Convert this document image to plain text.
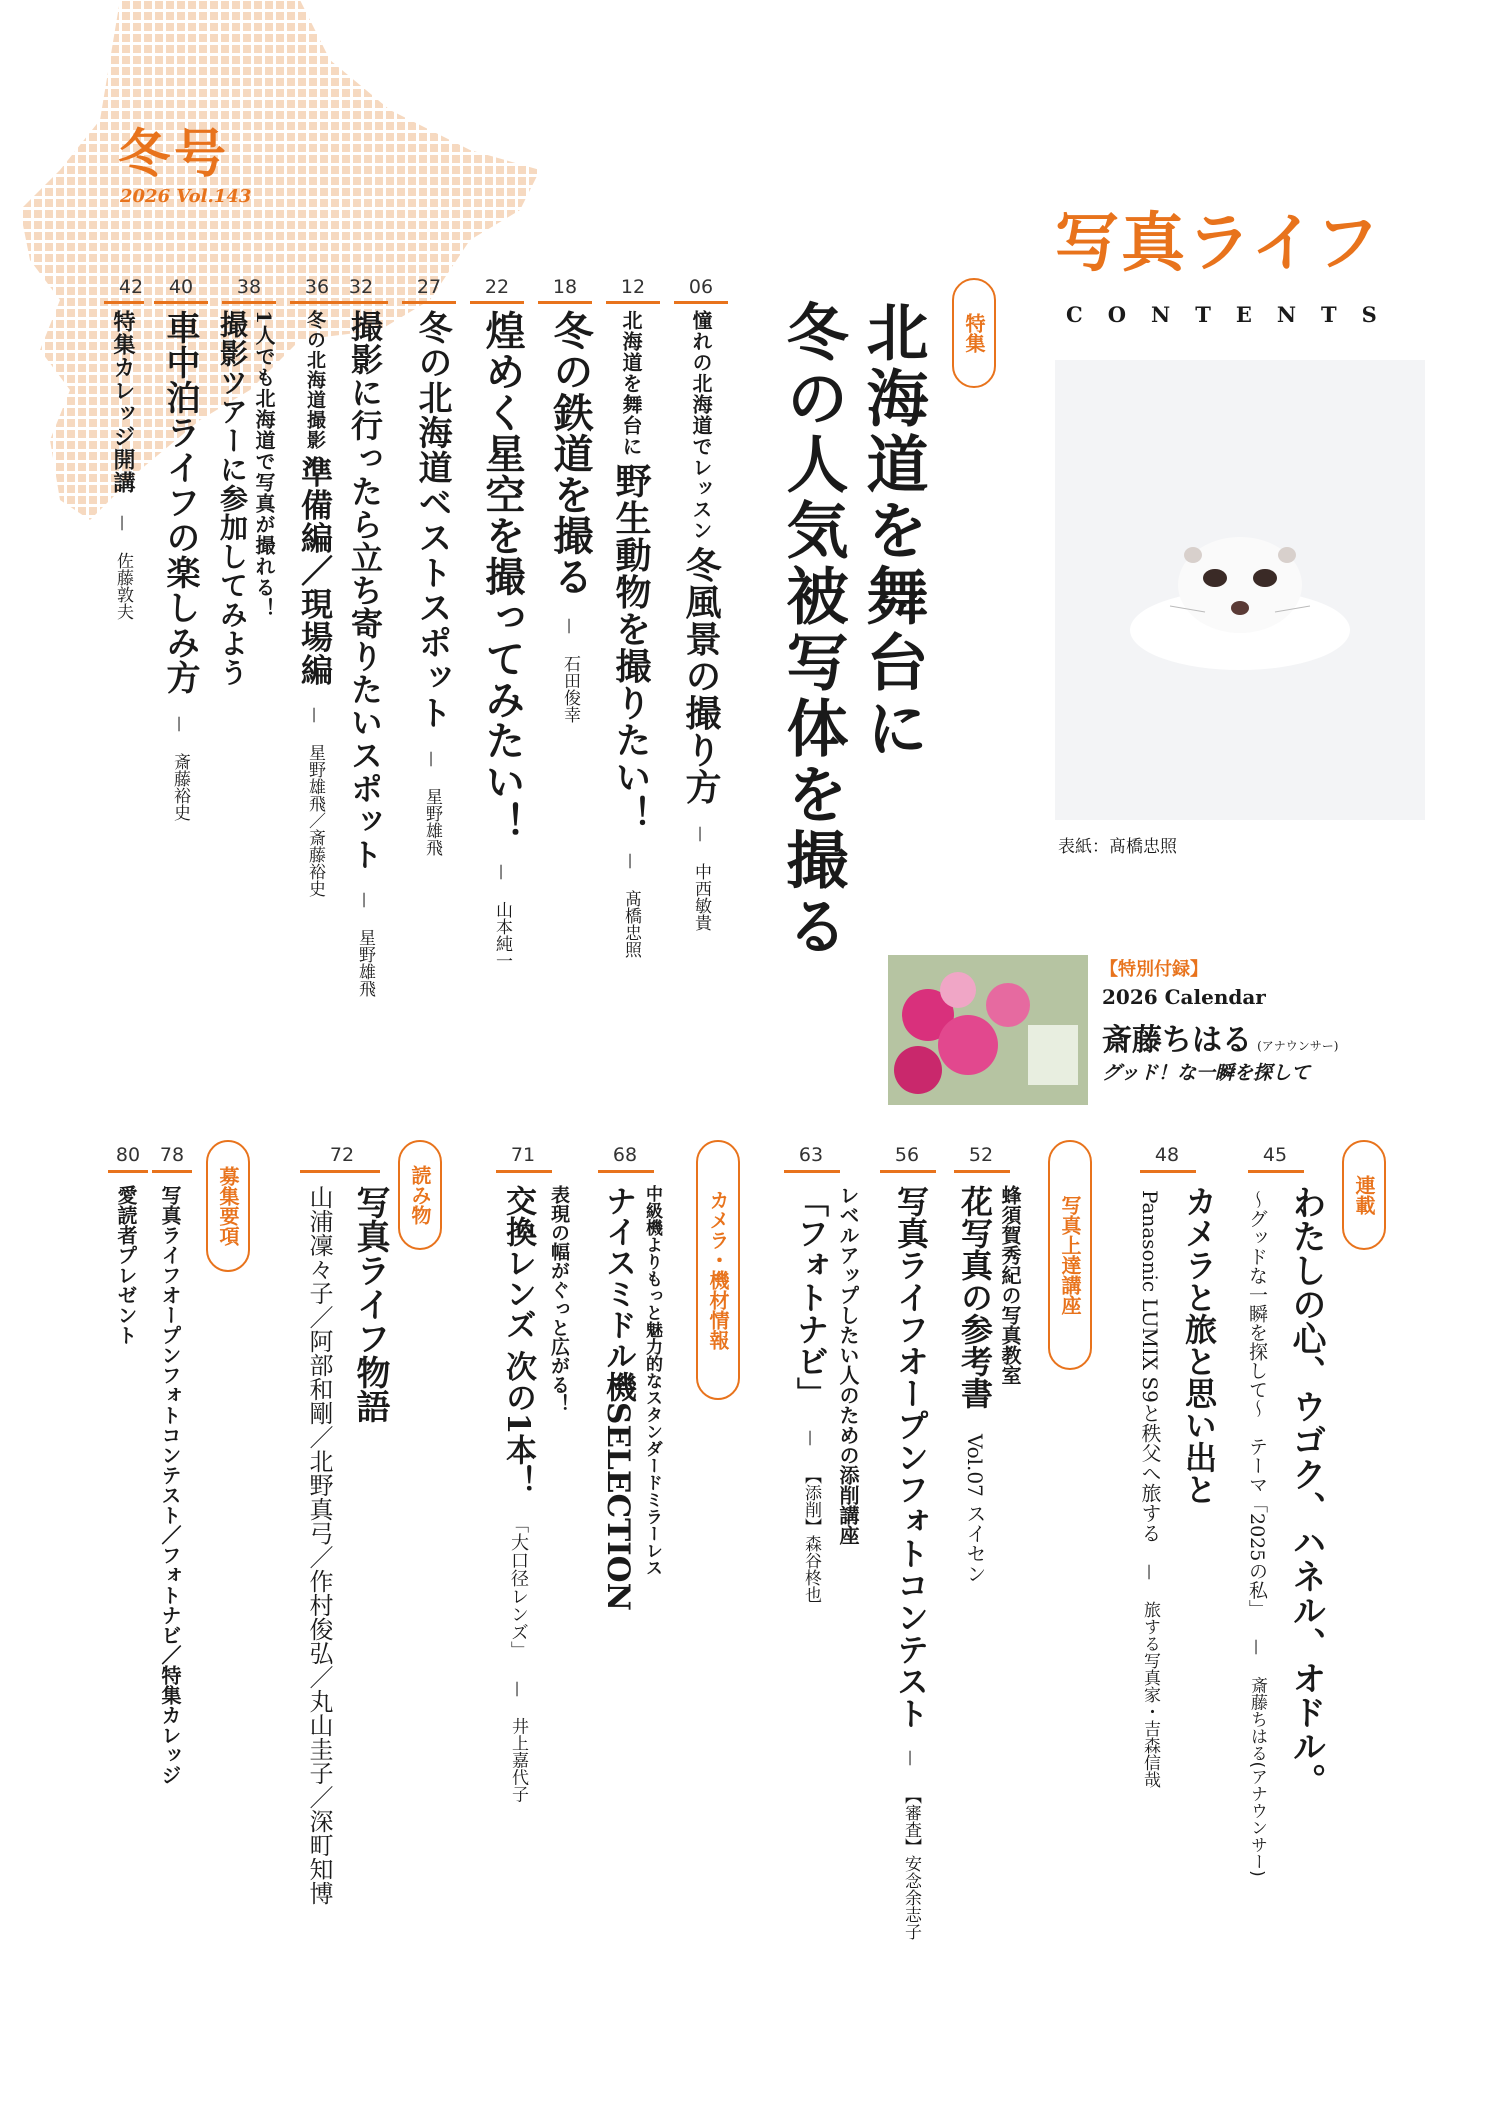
冬号
2026 Vol.143
写真ライフ
CONTENTS
表紙：髙橋忠照
【特別付録】
2026 Calendar
斎藤ちはる (アナウンサー)
グッド！な一瞬を探して
特集
北海道を舞台に
冬の人気被写体を撮る
06
12
18
22
27
32
36
38
40
42
憧れの北海道でレッスン 冬風景の撮り方 — 中西敏貴
北海道を舞台に 野生動物を撮りたい！ — 髙橋忠照
冬の鉄道を撮る — 石田俊幸
煌めく星空を撮ってみたい！ — 山本純一
冬の北海道ベストスポット — 星野雄飛
撮影に行ったら立ち寄りたいスポット — 星野雄飛
冬の北海道撮影 準備編／現場編 — 星野雄飛／斎藤裕史
1人でも北海道で写真が撮れる！
撮影ツアーに参加してみよう
車中泊ライフの楽しみ方 — 斎藤裕史
特集カレッジ開講 — 佐藤敦夫
連載
45
48
わたしの心、ウゴク、ハネル、オドル。
〜グッドな一瞬を探して〜　テーマ「2025の私」 — 斎藤ちはる(アナウンサー)
カメラと旅と思い出と
Panasonic LUMIX S9と秩父へ旅する — 旅する写真家・吉森信哉
写真上達講座
52
56
63
蜂須賀秀紀の写真教室
花写真の参考書 Vol.07 スイセン
写真ライフオープンフォトコンテスト — 【審査】安念余志子
レベルアップしたい人のための添削講座
「フォトナビ」 — 【添削】森谷柊也
カメラ・機材情報
68
71
中級機よりもっと魅力的なスタンダードミラーレス
ナイスミドル機SELECTION
表現の幅がぐっと広がる！
交換レンズ 次の1本！ 「大口径レンズ」 — 井上嘉代子
読み物
72
写真ライフ物語
山浦凜々子／阿部和剛／北野真弓／作村俊弘／丸山圭子／深町知博
募集要項
78
80
写真ライフオープンフォトコンテスト／フォトナビ／特集カレッジ
愛読者プレゼント
